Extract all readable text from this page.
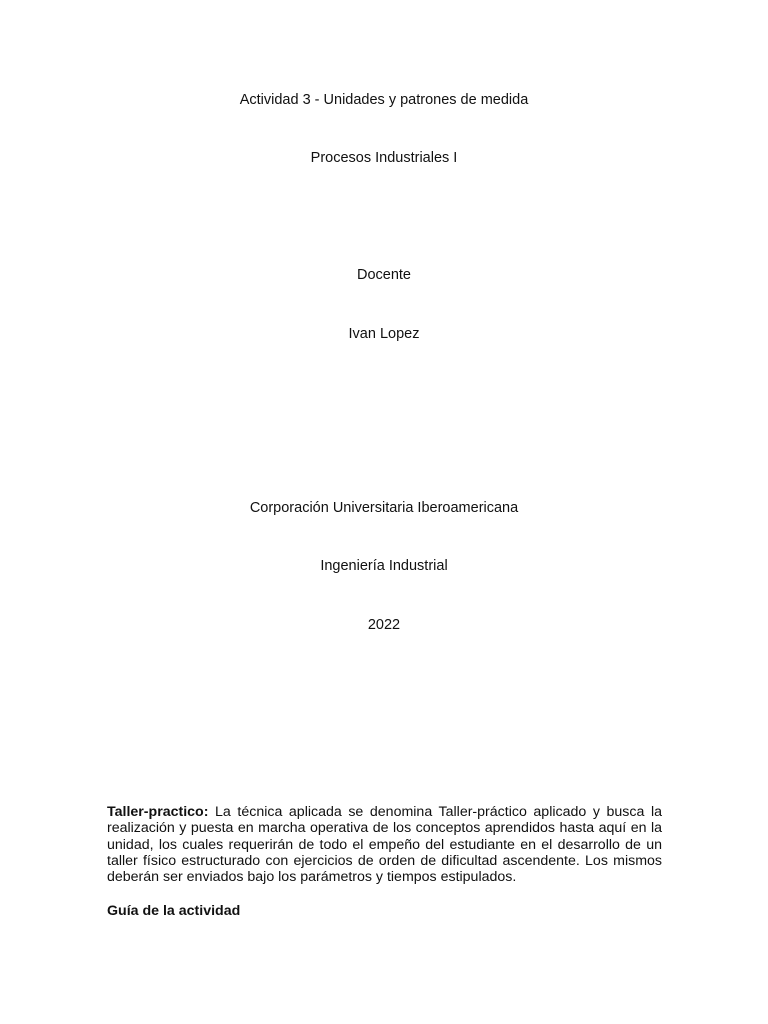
Actividad 3 - Unidades y patrones de medida
Procesos Industriales I
Docente
Ivan Lopez
Corporación Universitaria Iberoamericana
Ingeniería Industrial
2022
Taller-practico: La técnica aplicada se denomina Taller-práctico aplicado y busca la realización y puesta en marcha operativa de los conceptos aprendidos hasta aquí en la unidad, los cuales requerirán de todo el empeño del estudiante en el desarrollo de un taller físico estructurado con ejercicios de orden de dificultad ascendente. Los mismos deberán ser enviados bajo los parámetros y tiempos estipulados.
Guía de la actividad
